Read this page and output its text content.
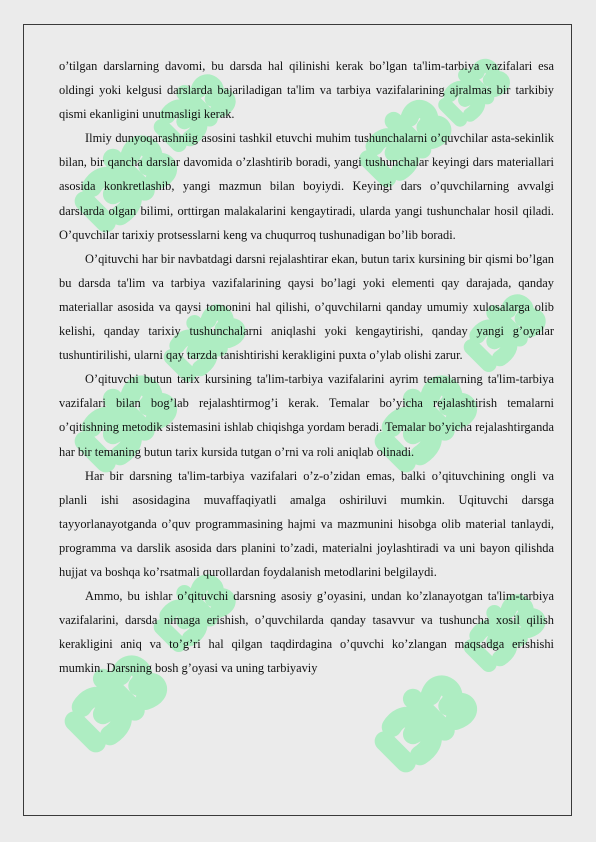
o’tilgan darslarning davomi, bu darsda hal qilinishi kerak bo’lgan ta'lim-tarbiya vazifalari esa oldingi yoki kelgusi darslarda bajariladigan ta'lim va tarbiya vazifalarining ajralmas bir tarkibiy qismi ekanligini unutmasligi kerak.

Ilmiy dunyoqarashniig asosini tashkil etuvchi muhim tushunchalarni o’quvchilar asta-sekinlik bilan, bir qancha darslar davomida o’zlashtirib boradi, yangi tushunchalar keyingi dars materiallari asosida konkretlashib, yangi mazmun bilan boyiydi. Keyingi dars o’quvchilarning avvalgi darslarda olgan bilimi, orttirgan malakalarini kengaytiradi, ularda yangi tushunchalar hosil qiladi. O’quvchilar tarixiy protsesslarni keng va chuqurroq tushunadigan bo’lib boradi.

O’qituvchi har bir navbatdagi darsni rejalashtirar ekan, butun tarix kursining bir qismi bo’lgan bu darsda ta'lim va tarbiya vazifalarining qaysi bo’lagi yoki elementi qay darajada, qanday materiallar asosida va qaysi tomonini hal qilishi, o’quvchilarni qanday umumiy xulosalarga olib kelishi, qanday tarixiy tushunchalarni aniqlashi yoki kengaytirishi, qanday yangi g’oyalar tushuntirilishi, ularni qay tarzda tanishtirishi kerakligini puxta o’ylab olishi zarur.

O’qituvchi butun tarix kursining ta'lim-tarbiya vazifalarini ayrim temalarning ta'lim-tarbiya vazifalari bilan bog’lab rejalashtirmog’i kerak. Temalar bo’yicha rejalashtirish temalarni o’qitishning metodik sistemasini ishlab chiqishga yordam beradi. Temalar bo’yicha rejalashtirganda har bir temaning butun tarix kursida tutgan o’rni va roli aniqlab olinadi.

Har bir darsning ta'lim-tarbiya vazifalari o’z-o’zidan emas, balki o’qituvchining ongli va planli ishi asosidagina muvaffaqiyatli amalga oshiriluvi mumkin. Uqituvchi darsga tayyorlanayotganda o’quv programmasining hajmi va mazmunini hisobga olib material tanlaydi, programma va darslik asosida dars planini to’zadi, materialni joylashtiradi va uni bayon qilishda hujjat va boshqa ko’rsatmali qurollardan foydalanish metodlarini belgilaydi.

Ammo, bu ishlar o’qituvchi darsning asosiy g’oyasini, undan ko’zlanayotgan ta'lim-tarbiya vazifalarini, darsda nimaga erishish, o’quvchilarda qanday tasavvur va tushuncha xosil qilish kerakligini aniq va to’g’ri hal qilgan taqdirdagina o’quvchi ko’zlangan maqsadga erishishi mumkin. Darsning bosh g’oyasi va uning tarbiyaviy
